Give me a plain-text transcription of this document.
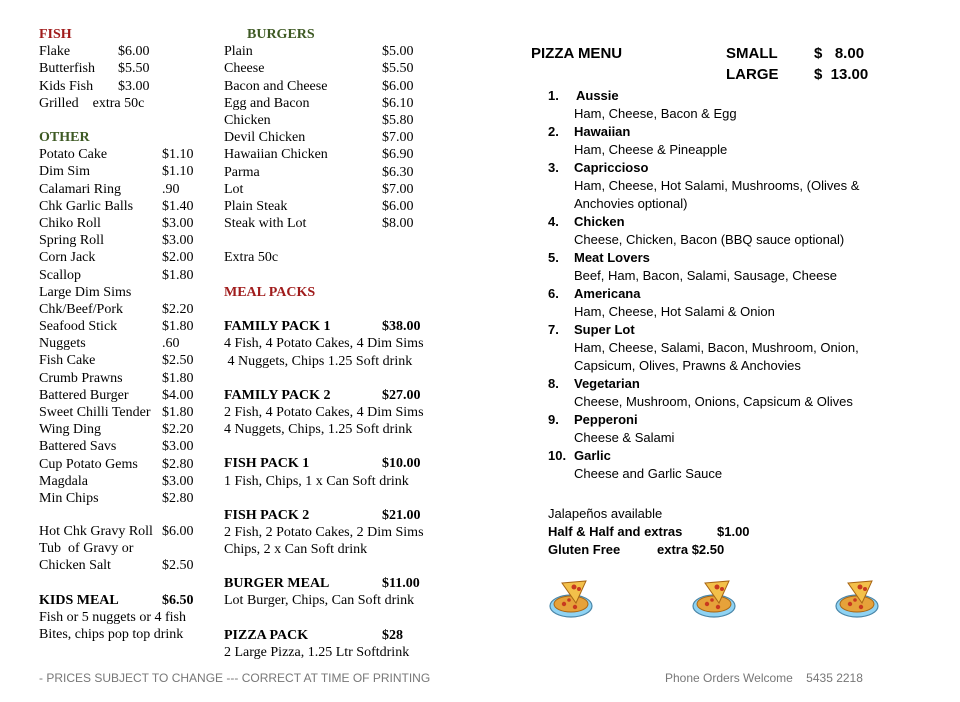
FISH
Flake	$6.00
Butterfish $5.50
Kids Fish $3.00
Grilled    extra 50c
OTHER
Potato Cake	$1.10
Dim Sim	$1.10
Calamari Ring	.90
Chk Garlic Balls $1.40
Chiko Roll	$3.00
Spring Roll	$3.00
Corn Jack	$2.00
Scallop	$1.80
Large Dim Sims
Chk/Beef/Pork	$2.20
Seafood Stick	$1.80
Nuggets	.60
Fish Cake	$2.50
Crumb Prawns	$1.80
Battered Burger $4.00
Sweet Chilli Tender $1.80
Wing Ding	$2.20
Battered Savs	$3.00
Cup Potato Gems $2.80
Magdala	$3.00
Min Chips	$2.80
Hot Chk Gravy Roll $6.00
Tub  of Gravy or
Chicken Salt	$2.50
KIDS MEAL	$6.50
Fish or 5 nuggets or 4 fish
Bites, chips pop top drink
BURGERS
Plain	$5.00
Cheese	$5.50
Bacon and Cheese	$6.00
Egg and Bacon	$6.10
Chicken	$5.80
Devil Chicken	$7.00
Hawaiian Chicken	$6.90
Parma	$6.30
Lot	$7.00
Plain Steak	$6.00
Steak with Lot	$8.00
Extra 50c
MEAL PACKS
FAMILY PACK 1	$38.00
4 Fish, 4 Potato Cakes, 4 Dim Sims
4 Nuggets, Chips 1.25 Soft drink
FAMILY PACK 2	$27.00
2 Fish, 4 Potato Cakes, 4 Dim Sims
4 Nuggets, Chips, 1.25 Soft drink
FISH PACK 1	$10.00
1 Fish, Chips, 1 x Can Soft drink
FISH PACK 2	$21.00
2 Fish, 2 Potato Cakes, 2 Dim Sims
Chips, 2 x Can Soft drink
BURGER MEAL	$11.00
Lot Burger, Chips, Can Soft drink
PIZZA PACK	$28
2 Large Pizza, 1.25 Ltr Softdrink
PIZZA MENU	SMALL $   8.00
LARGE $  13.00
1. Aussie
Ham, Cheese, Bacon & Egg
2. Hawaiian
Ham, Cheese & Pineapple
3. Capriccioso
Ham, Cheese, Hot Salami, Mushrooms, (Olives & Anchovies optional)
4. Chicken
Cheese, Chicken, Bacon (BBQ sauce optional)
5. Meat Lovers
Beef, Ham, Bacon, Salami, Sausage, Cheese
6. Americana
Ham, Cheese, Hot Salami & Onion
7. Super Lot
Ham, Cheese, Salami, Bacon, Mushroom, Onion, Capsicum, Olives, Prawns & Anchovies
8. Vegetarian
Cheese, Mushroom, Onions, Capsicum & Olives
9. Pepperoni
Cheese & Salami
10. Garlic
Cheese and Garlic Sauce
Jalapeños available
Half & Half and extras	$1.00
Gluten Free	extra $2.50
- PRICES SUBJECT TO CHANGE --- CORRECT AT TIME OF PRINTING	Phone Orders Welcome    5435 2218
